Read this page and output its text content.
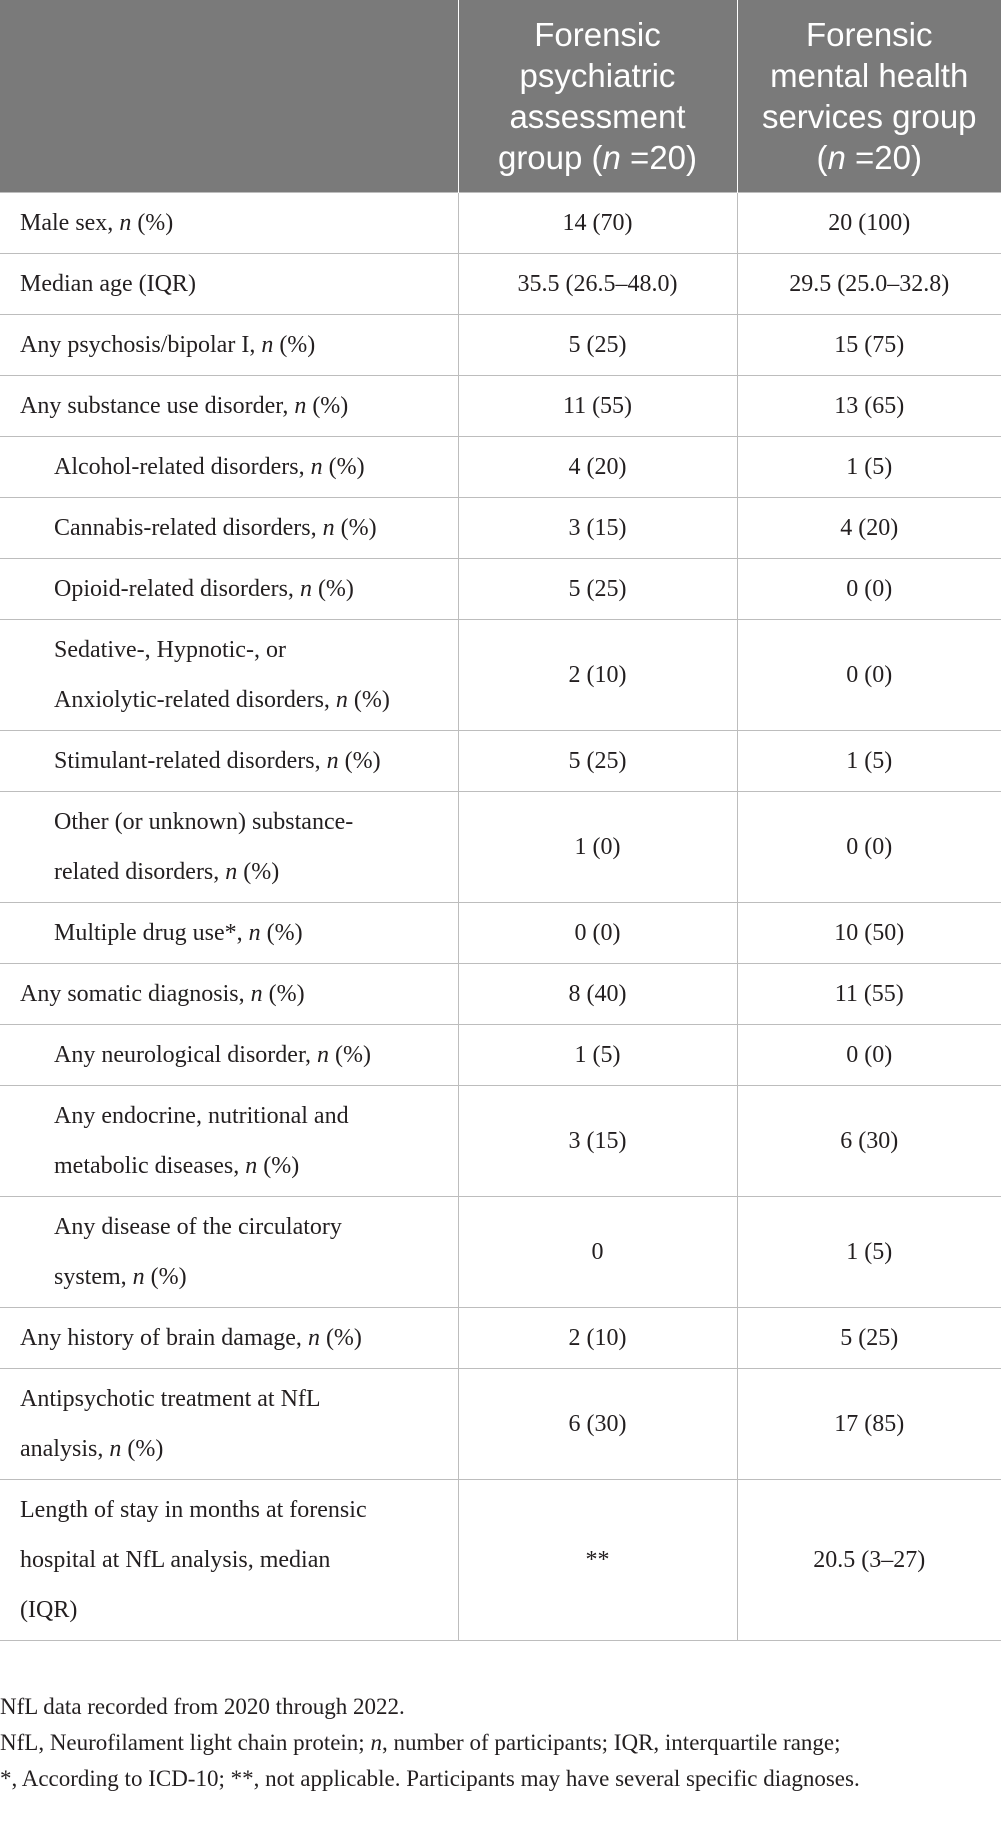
	Forensic
psychiatric
assessment
group (n =20)	Forensic
mental health
services group
(n =20)
Male sex, n (%)	14 (70)	20 (100)
Median age (IQR)	35.5 (26.5–48.0)	29.5 (25.0–32.8)
Any psychosis/bipolar I, n (%)	5 (25)	15 (75)
Any substance use disorder, n (%)	11 (55)	13 (65)
Alcohol-related disorders, n (%)	4 (20)	1 (5)
Cannabis-related disorders, n (%)	3 (15)	4 (20)
Opioid-related disorders, n (%)	5 (25)	0 (0)
Sedative-, Hypnotic-, or
Anxiolytic-related disorders, n (%)	2 (10)	0 (0)
Stimulant-related disorders, n (%)	5 (25)	1 (5)
Other (or unknown) substance-
related disorders, n (%)	1 (0)	0 (0)
Multiple drug use*, n (%)	0 (0)	10 (50)
Any somatic diagnosis, n (%)	8 (40)	11 (55)
Any neurological disorder, n (%)	1 (5)	0 (0)
Any endocrine, nutritional and
metabolic diseases, n (%)	3 (15)	6 (30)
Any disease of the circulatory
system, n (%)	0	1 (5)
Any history of brain damage, n (%)	2 (10)	5 (25)
Antipsychotic treatment at NfL
analysis, n (%)	6 (30)	17 (85)
Length of stay in months at forensic
hospital at NfL analysis, median
(IQR)	**	20.5 (3–27)

NfL data recorded from 2020 through 2022.

NfL, Neurofilament light chain protein; n, number of participants; IQR, interquartile range;

*, According to ICD-10; **, not applicable. Participants may have several specific diagnoses.
